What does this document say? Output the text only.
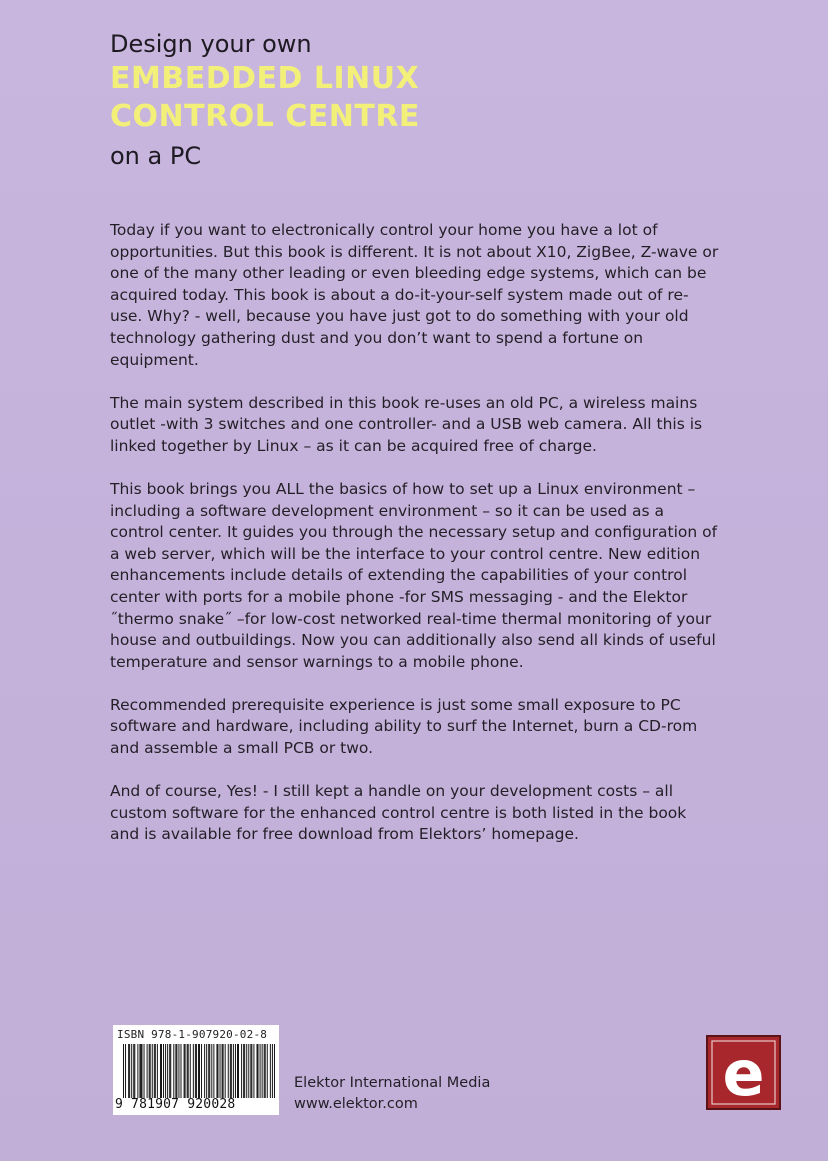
Design your own
EMBEDDED LINUX
CONTROL CENTRE
on a PC

Today if you want to electronically control your home you have a lot of opportunities. But this book is different. It is not about X10, ZigBee, Z-wave or one of the many other leading or even bleeding edge systems, which can be acquired today. This book is about a do-it-your-self system made out of re-use. Why? - well, because you have just got to do something with your old technology gathering dust and you don’t want to spend a fortune on equipment.

The main system described in this book re-uses an old PC, a wireless mains outlet -with 3 switches and one controller- and a USB web camera. All this is linked together by Linux – as it can be acquired free of charge.

This book brings you ALL the basics of how to set up a Linux environment – including a software development environment – so it can be used as a control center. It guides you through the necessary setup and configuration of a web server, which will be the interface to your control centre. New edition enhancements include details of extending the capabilities of your control center with ports for a mobile phone -for SMS messaging - and the Elektor ˝thermo snake˝ –for low-cost networked real-time thermal monitoring of your house and outbuildings. Now you can additionally also send all kinds of useful temperature and sensor warnings to a mobile phone.

Recommended prerequisite experience is just some small exposure to PC software and hardware, including ability to surf the Internet, burn a CD-rom and assemble a small PCB or two.

And of course, Yes! - I still kept a handle on your development costs – all custom software for the enhanced control centre is both listed in the book and is available for free download from Elektors’ homepage.

ISBN 978-1-907920-02-8
9 781907 920028
Elektor International Media
www.elektor.com	e
